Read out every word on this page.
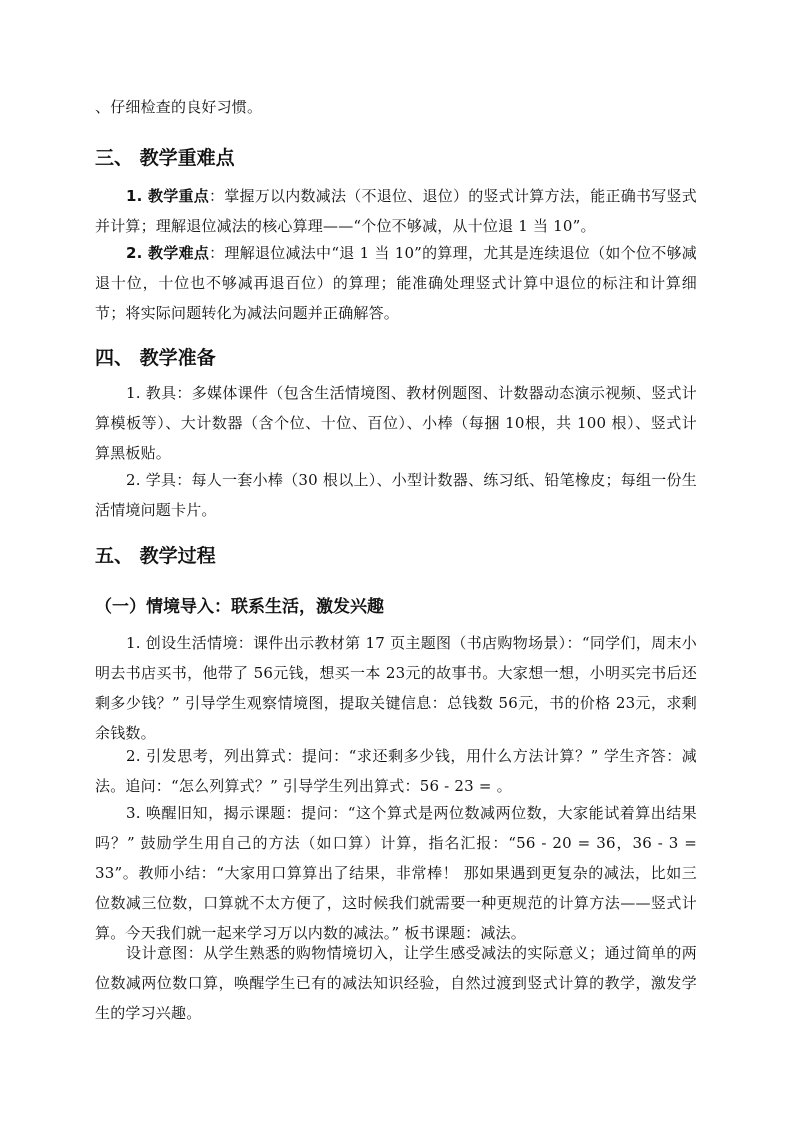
、仔细检查的良好习惯。

三、 教学重难点

1. 教学重点：掌握万以内数减法（不退位、退位）的竖式计算方法，能正确书写竖式并计算；理解退位减法的核心算理——“个位不够减，从十位退 1 当 10”。

2. 教学难点：理解退位减法中“退 1 当 10”的算理，尤其是连续退位（如个位不够减退十位，十位也不够减再退百位）的算理；能准确处理竖式计算中退位的标注和计算细节；将实际问题转化为减法问题并正确解答。

四、 教学准备

1. 教具：多媒体课件（包含生活情境图、教材例题图、计数器动态演示视频、竖式计算模板等）、大计数器（含个位、十位、百位）、小棒（每捆 10根，共 100 根）、竖式计算黑板贴。

2. 学具：每人一套小棒（30 根以上）、小型计数器、练习纸、铅笔橡皮；每组一份生活情境问题卡片。

五、 教学过程
（一）情境导入：联系生活，激发兴趣

1. 创设生活情境：课件出示教材第 17 页主题图（书店购物场景）：“同学们，周末小明去书店买书，他带了 56元钱，想买一本 23元的故事书。大家想一想，小明买完书后还剩多少钱？” 引导学生观察情境图，提取关键信息：总钱数 56元，书的价格 23元，求剩余钱数。

2. 引发思考，列出算式：提问：“求还剩多少钱，用什么方法计算？” 学生齐答：减法。追问：“怎么列算式？” 引导学生列出算式：56 - 23 = 。

3. 唤醒旧知，揭示课题：提问：“这个算式是两位数减两位数，大家能试着算出结果吗？” 鼓励学生用自己的方法（如口算）计算，指名汇报：“56 - 20 = 36，36 - 3 = 33”。教师小结：“大家用口算算出了结果，非常棒！ 那如果遇到更复杂的减法，比如三位数减三位数，口算就不太方便了，这时候我们就需要一种更规范的计算方法——竖式计算。今天我们就一起来学习万以内数的减法。” 板书课题：减法。

设计意图：从学生熟悉的购物情境切入，让学生感受减法的实际意义；通过简单的两位数减两位数口算，唤醒学生已有的减法知识经验，自然过渡到竖式计算的教学，激发学生的学习兴趣。
